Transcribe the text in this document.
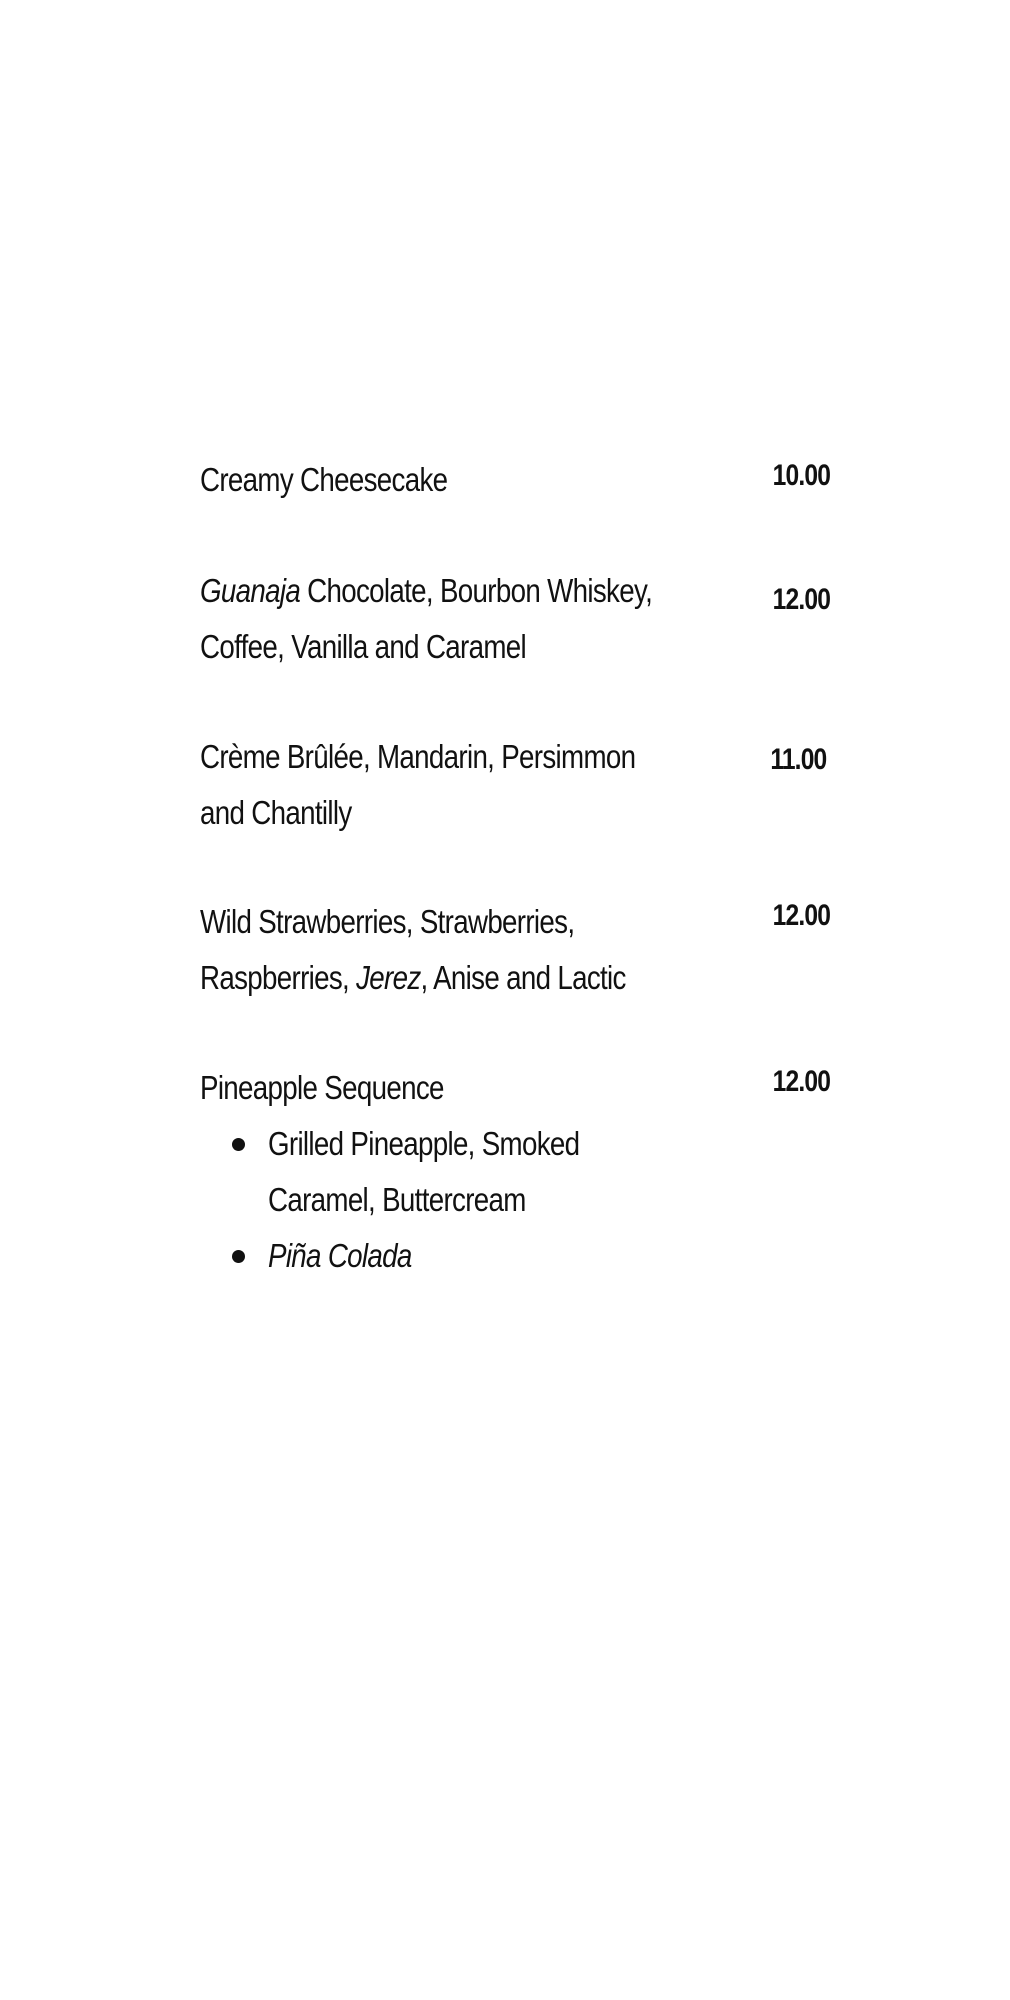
Creamy Cheesecake	10.00
Guanaja Chocolate, Bourbon Whiskey,
Coffee, Vanilla and Caramel
12.00
Crème Brûlée, Mandarin, Persimmon
and Chantilly
11.00
Wild Strawberries, Strawberries,
Raspberries, Jerez, Anise and Lactic
12.00
Pineapple Sequence	12.00
Grilled Pineapple, Smoked
Caramel, Buttercream
Piña Colada
